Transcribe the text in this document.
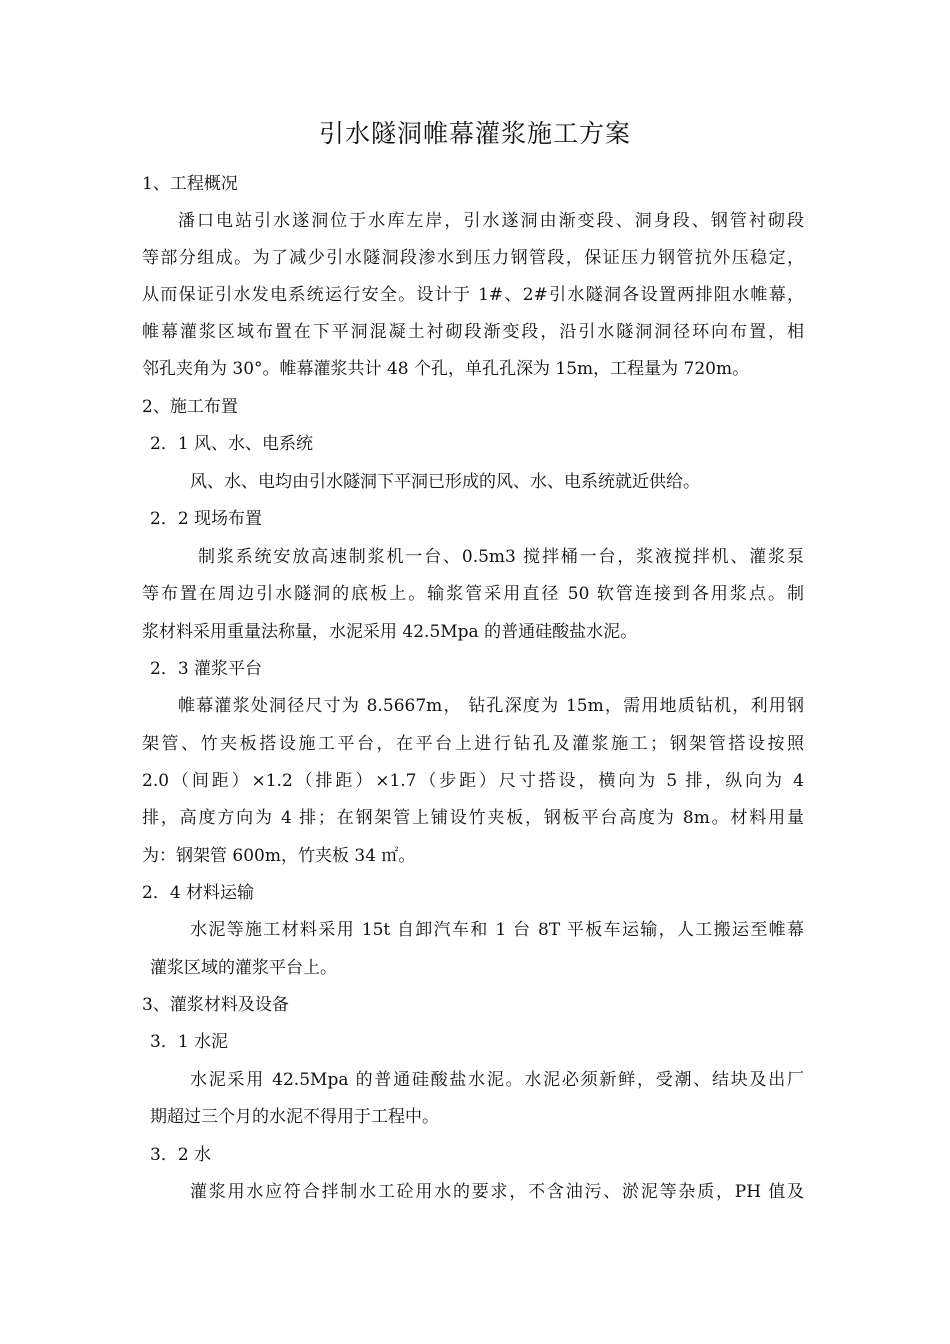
引水隧洞帷幕灌浆施工方案
1、工程概况
潘口电站引水遂洞位于水库左岸，引水遂洞由渐变段、洞身段、钢管衬砌段
等部分组成。为了减少引水隧洞段渗水到压力钢管段，保证压力钢管抗外压稳定，
从而保证引水发电系统运行安全。设计于 1#、2#引水隧洞各设置两排阻水帷幕，
帷幕灌浆区域布置在下平洞混凝土衬砌段渐变段，沿引水隧洞洞径环向布置，相
邻孔夹角为 30°。帷幕灌浆共计 48 个孔，单孔孔深为 15m，工程量为 720m。
2、施工布置
2．1 风、水、电系统
风、水、电均由引水隧洞下平洞已形成的风、水、电系统就近供给。
2．2 现场布置
制浆系统安放高速制浆机一台、0.5m3 搅拌桶一台，浆液搅拌机、灌浆泵
等布置在周边引水隧洞的底板上。输浆管采用直径 50 软管连接到各用浆点。制
浆材料采用重量法称量，水泥采用 42.5Mpa 的普通硅酸盐水泥。
2．3 灌浆平台
帷幕灌浆处洞径尺寸为 8.5667m， 钻孔深度为 15m，需用地质钻机，利用钢
架管、竹夹板搭设施工平台，在平台上进行钻孔及灌浆施工；钢架管搭设按照
2.0（间距）×1.2（排距）×1.7（步距）尺寸搭设，横向为 5 排，纵向为 4
排，高度方向为 4 排；在钢架管上铺设竹夹板，钢板平台高度为 8m。材料用量
为：钢架管 600m，竹夹板 34 ㎡。
2．4 材料运输
水泥等施工材料采用 15t 自卸汽车和 1 台 8T 平板车运输，人工搬运至帷幕
灌浆区域的灌浆平台上。
3、灌浆材料及设备
3．1 水泥
水泥采用 42.5Mpa 的普通硅酸盐水泥。水泥必须新鲜，受潮、结块及出厂
期超过三个月的水泥不得用于工程中。
3．2 水
灌浆用水应符合拌制水工砼用水的要求，不含油污、淤泥等杂质，PH 值及
